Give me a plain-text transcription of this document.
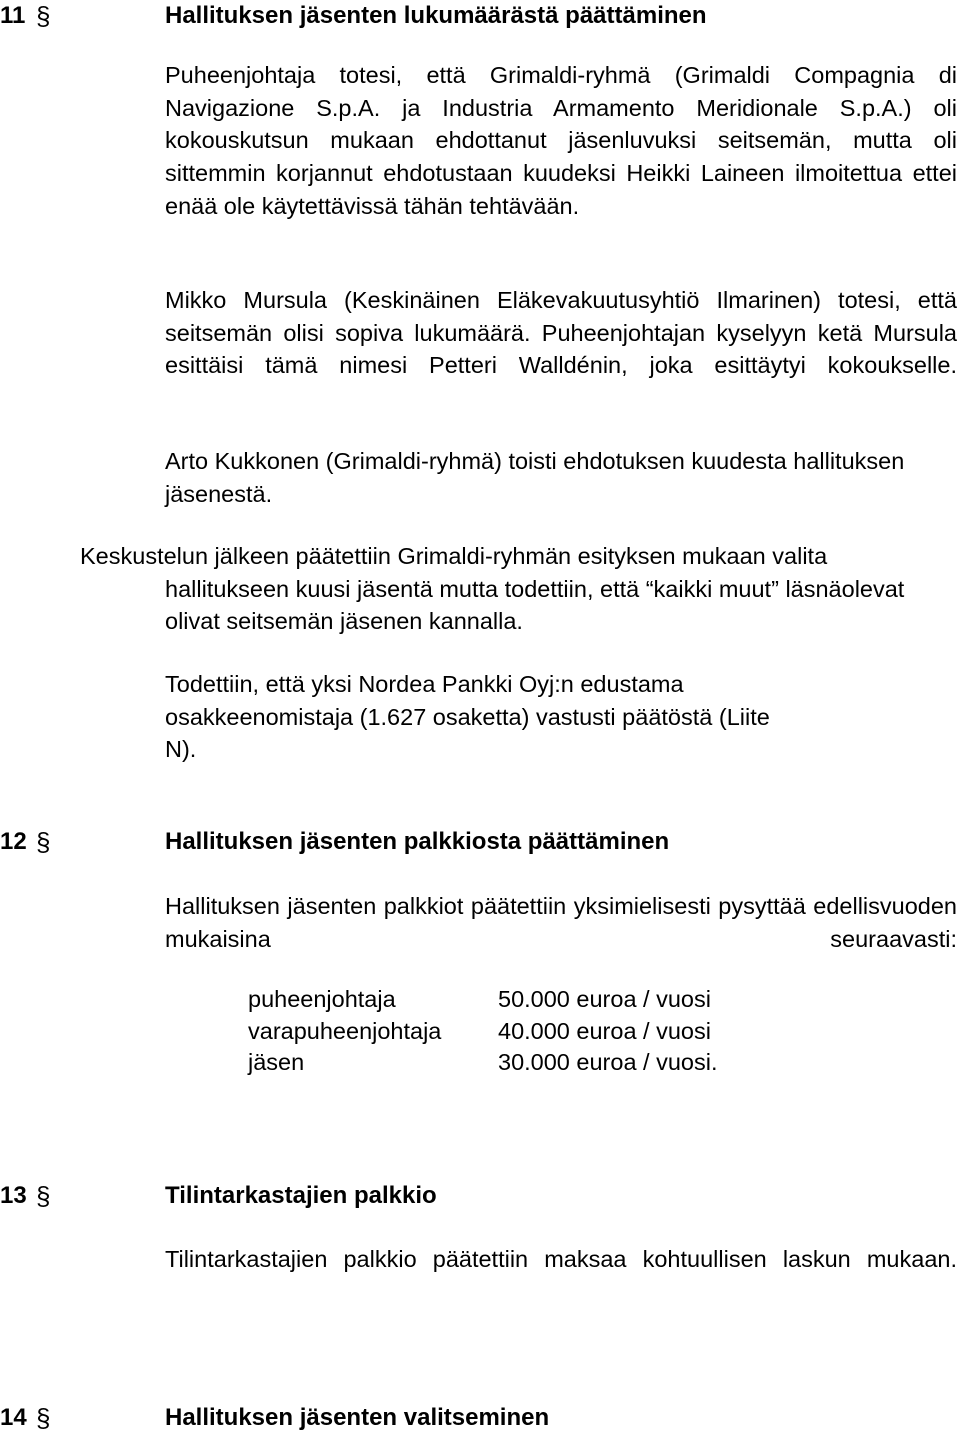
11 §	Hallituksen jäsenten lukumäärästä päättäminen
Puheenjohtaja totesi, että Grimaldi-ryhmä (Grimaldi Compagnia di Navigazione S.p.A. ja Industria Armamento Meridionale S.p.A.) oli kokouskutsun mukaan ehdottanut jäsenluvuksi seitsemän, mutta oli sittemmin korjannut ehdotustaan kuudeksi Heikki Laineen ilmoitettua ettei enää ole käytettävissä tähän tehtävään.
Mikko Mursula (Keskinäinen Eläkevakuutusyhtiö Ilmarinen) totesi, että seitsemän olisi sopiva lukumäärä. Puheenjohtajan kyselyyn ketä Mursula esittäisi tämä nimesi Petteri Walldénin, joka esittäytyi kokoukselle.
Arto Kukkonen (Grimaldi-ryhmä) toisti ehdotuksen kuudesta hallituksen jäsenestä.
Keskustelun jälkeen päätettiin Grimaldi-ryhmän esityksen mukaan valita hallitukseen kuusi jäsentä mutta todettiin, että “kaikki muut” läsnäolevat olivat seitsemän jäsenen kannalla.
Todettiin, että yksi Nordea Pankki Oyj:n edustama osakkeenomistaja (1.627 osaketta) vastusti päätöstä (Liite N).
12 §	Hallituksen jäsenten palkkiosta päättäminen
Hallituksen jäsenten palkkiot päätettiin yksimielisesti pysyttää edellisvuoden mukaisina seuraavasti:
puheenjohtaja	50.000 euroa / vuosi
varapuheenjohtaja	40.000 euroa / vuosi
jäsen	30.000 euroa / vuosi.
13 §	Tilintarkastajien palkkio
Tilintarkastajien palkkio päätettiin maksaa kohtuullisen laskun mukaan.
14 §	Hallituksen jäsenten valitseminen
